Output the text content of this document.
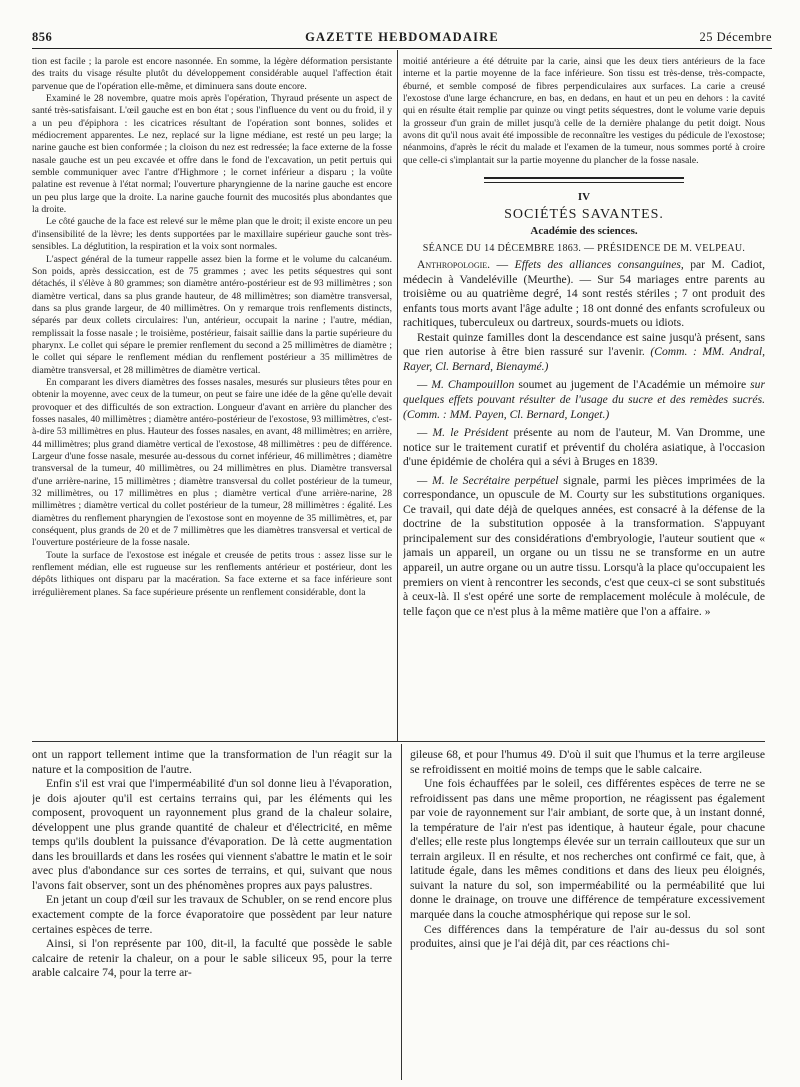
856	GAZETTE HEBDOMADAIRE	25 Décembre

tion est facile ; la parole est encore nasonnée. En somme, la légère déformation persistante des traits du visage résulte plutôt du développement considérable auquel l'affection était parvenue que de l'opération elle-même, et diminuera sans doute encore.

Examiné le 28 novembre, quatre mois après l'opération, Thyraud présente un aspect de santé très-satisfaisant. L'œil gauche est en bon état ; sous l'influence du vent ou du froid, il y a un peu d'épiphora : les cicatrices résultant de l'opération sont bonnes, solides et médiocrement apparentes. Le nez, replacé sur la ligne médiane, est resté un peu large; la narine gauche est bien conformée ; la cloison du nez est redressée; la face externe de la fosse nasale gauche est un peu excavée et offre dans le fond de l'excavation, un petit pertuis qui semble communiquer avec l'antre d'Highmore ; le cornet inférieur a disparu ; la voûte palatine est revenue à l'état normal; l'ouverture pharyngienne de la narine gauche est encore un peu plus large que la droite. La narine gauche fournit des mucosités plus abondantes que la droite.

Le côté gauche de la face est relevé sur le même plan que le droit; il existe encore un peu d'insensibilité de la lèvre; les dents supportées par le maxillaire supérieur gauche sont très-sensibles. La déglutition, la respiration et la voix sont normales.

L'aspect général de la tumeur rappelle assez bien la forme et le volume du calcanéum. Son poids, après dessiccation, est de 75 grammes ; avec les petits séquestres qui sont détachés, il s'élève à 80 grammes; son diamètre antéro-postérieur est de 93 millimètres ; son diamètre vertical, dans sa plus grande hauteur, de 48 millimètres; son diamètre transversal, dans sa plus grande largeur, de 40 millimètres. On y remarque trois renflements distincts, séparés par deux collets circulaires: l'un, antérieur, occupait la narine ; l'autre, médian, remplissait la fosse nasale ; le troisième, postérieur, faisait saillie dans la partie supérieure du pharynx. Le collet qui sépare le premier renflement du second a 25 millimètres de diamètre ; le collet qui sépare le renflement médian du renflement postérieur a 35 millimètres de diamètre transversal, et 28 millimètres de diamètre vertical.

En comparant les divers diamètres des fosses nasales, mesurés sur plusieurs têtes pour en obtenir la moyenne, avec ceux de la tumeur, on peut se faire une idée de la gêne qu'elle devait provoquer et des difficultés de son extraction. Longueur d'avant en arrière du plancher des fosses nasales, 40 millimètres ; diamètre antéro-postérieur de l'exostose, 93 millimètres, c'est-à-dire 53 millimètres en plus. Hauteur des fosses nasales, en avant, 48 millimètres; en arrière, 44 millimètres; plus grand diamètre vertical de l'exostose, 48 millimètres : peu de différence. Largeur d'une fosse nasale, mesurée au-dessous du cornet inférieur, 46 millimètres ; diamètre transversal de la tumeur, 40 millimètres, ou 24 millimètres en plus. Diamètre transversal d'une arrière-narine, 15 millimètres ; diamètre transversal du collet postérieur de la tumeur, 32 millimètres, ou 17 millimètres en plus ; diamètre vertical d'une arrière-narine, 28 millimètres ; diamètre vertical du collet postérieur de la tumeur, 28 millimètres : égalité. Les diamètres du renflement pharyngien de l'exostose sont en moyenne de 35 millimètres, et, par conséquent, plus grands de 20 et de 7 millimètres que les diamètres transversal et vertical de l'ouverture postérieure de la fosse nasale.

Toute la surface de l'exostose est inégale et creusée de petits trous : assez lisse sur le renflement médian, elle est rugueuse sur les renflements antérieur et postérieur, dont les dépôts lithiques ont disparu par la macération. Sa face externe et sa face inférieure sont irrégulièrement planes. Sa face supérieure présente un renflement considérable, dont la

moitié antérieure a été détruite par la carie, ainsi que les deux tiers antérieurs de la face interne et la partie moyenne de la face inférieure. Son tissu est très-dense, très-compacte, éburné, et semble composé de fibres perpendiculaires aux surfaces. La carie a creusé l'exostose d'une large échancrure, en bas, en dedans, en haut et un peu en dehors : la cavité qui en résulte était remplie par quinze ou vingt petits séquestres, dont le volume varie depuis la grosseur d'un grain de millet jusqu'à celle de la dernière phalange du petit doigt. Nous avons dit qu'il nous avait été impossible de reconnaître les vestiges du pédicule de l'exostose; néanmoins, d'après le récit du malade et l'examen de la tumeur, nous sommes porté à croire que celle-ci s'implantait sur la partie moyenne du plancher de la fosse nasale.

IV
SOCIÉTÉS SAVANTES.
Académie des sciences.
SÉANCE DU 14 DÉCEMBRE 1863. — PRÉSIDENCE DE M. VELPEAU.

Anthropologie. — Effets des alliances consanguines, par M. Cadiot, médecin à Vandeléville (Meurthe). — Sur 54 mariages entre parents au troisième ou au quatrième degré, 14 sont restés stériles ; 7 ont produit des enfants tous morts avant l'âge adulte ; 18 ont donné des enfants scrofuleux ou rachitiques, tuberculeux ou dartreux, sourds-muets ou idiots.

Restait quinze familles dont la descendance est saine jusqu'à présent, sans que rien autorise à être bien rassuré sur l'avenir. (Comm. : MM. Andral, Rayer, Cl. Bernard, Bienaymé.)

— M. Champouillon soumet au jugement de l'Académie un mémoire sur quelques effets pouvant résulter de l'usage du sucre et des remèdes sucrés. (Comm. : MM. Payen, Cl. Bernard, Longet.)

— M. le Président présente au nom de l'auteur, M. Van Dromme, une notice sur le traitement curatif et préventif du choléra asiatique, à l'occasion d'une épidémie de choléra qui a sévi à Bruges en 1839.

— M. le Secrétaire perpétuel signale, parmi les pièces imprimées de la correspondance, un opuscule de M. Courty sur les substitutions organiques. Ce travail, qui date déjà de quelques années, est consacré à la défense de la doctrine de la substitution opposée à la transformation. S'appuyant principalement sur des considérations d'embryologie, l'auteur soutient que « jamais un appareil, un organe ou un tissu ne se transforme en un autre appareil, un autre organe ou un autre tissu. Lorsqu'à la place qu'occupaient les premiers on vient à rencontrer les seconds, c'est que ceux-ci se sont substitués à ceux-là. Il s'est opéré une sorte de remplacement molécule à molécule, de telle façon que ce n'est plus à la même matière que l'on a affaire. »

ont un rapport tellement intime que la transformation de l'un réagit sur la nature et la composition de l'autre.

Enfin s'il est vrai que l'imperméabilité d'un sol donne lieu à l'évaporation, je dois ajouter qu'il est certains terrains qui, par les éléments qui les composent, provoquent un rayonnement plus grand de la chaleur solaire, développent une plus grande quantité de chaleur et d'électricité, en même temps qu'ils doublent la puissance d'évaporation. De là cette augmentation dans les brouillards et dans les rosées qui viennent s'abattre le matin et le soir avec plus d'abondance sur ces sortes de terrains, et qui, suivant que nous l'avons fait observer, sont un des phénomènes propres aux pays palustres.

En jetant un coup d'œil sur les travaux de Schubler, on se rend encore plus exactement compte de la force évaporatoire que possèdent par leur nature certaines espèces de terre.

Ainsi, si l'on représente par 100, dit-il, la faculté que possède le sable calcaire de retenir la chaleur, on a pour le sable siliceux 95, pour la terre arable calcaire 74, pour la terre ar-

gileuse 68, et pour l'humus 49. D'où il suit que l'humus et la terre argileuse se refroidissent en moitié moins de temps que le sable calcaire.

Une fois échauffées par le soleil, ces différentes espèces de terre ne se refroidissent pas dans une même proportion, ne réagissent pas également par voie de rayonnement sur l'air ambiant, de sorte que, à un instant donné, la température de l'air n'est pas identique, à hauteur égale, pour chacune d'elles; elle reste plus longtemps élevée sur un terrain caillouteux que sur un terrain argileux. Il en résulte, et nos recherches ont confirmé ce fait, que, à latitude égale, dans les mêmes conditions et dans des lieux peu éloignés, suivant la nature du sol, son imperméabilité ou la perméabilité que lui donne le drainage, on trouve une différence de température excessivement marquée dans la couche atmosphérique qui repose sur le sol.

Ces différences dans la température de l'air au-dessus du sol sont produites, ainsi que je l'ai déjà dit, par ces réactions chi-
